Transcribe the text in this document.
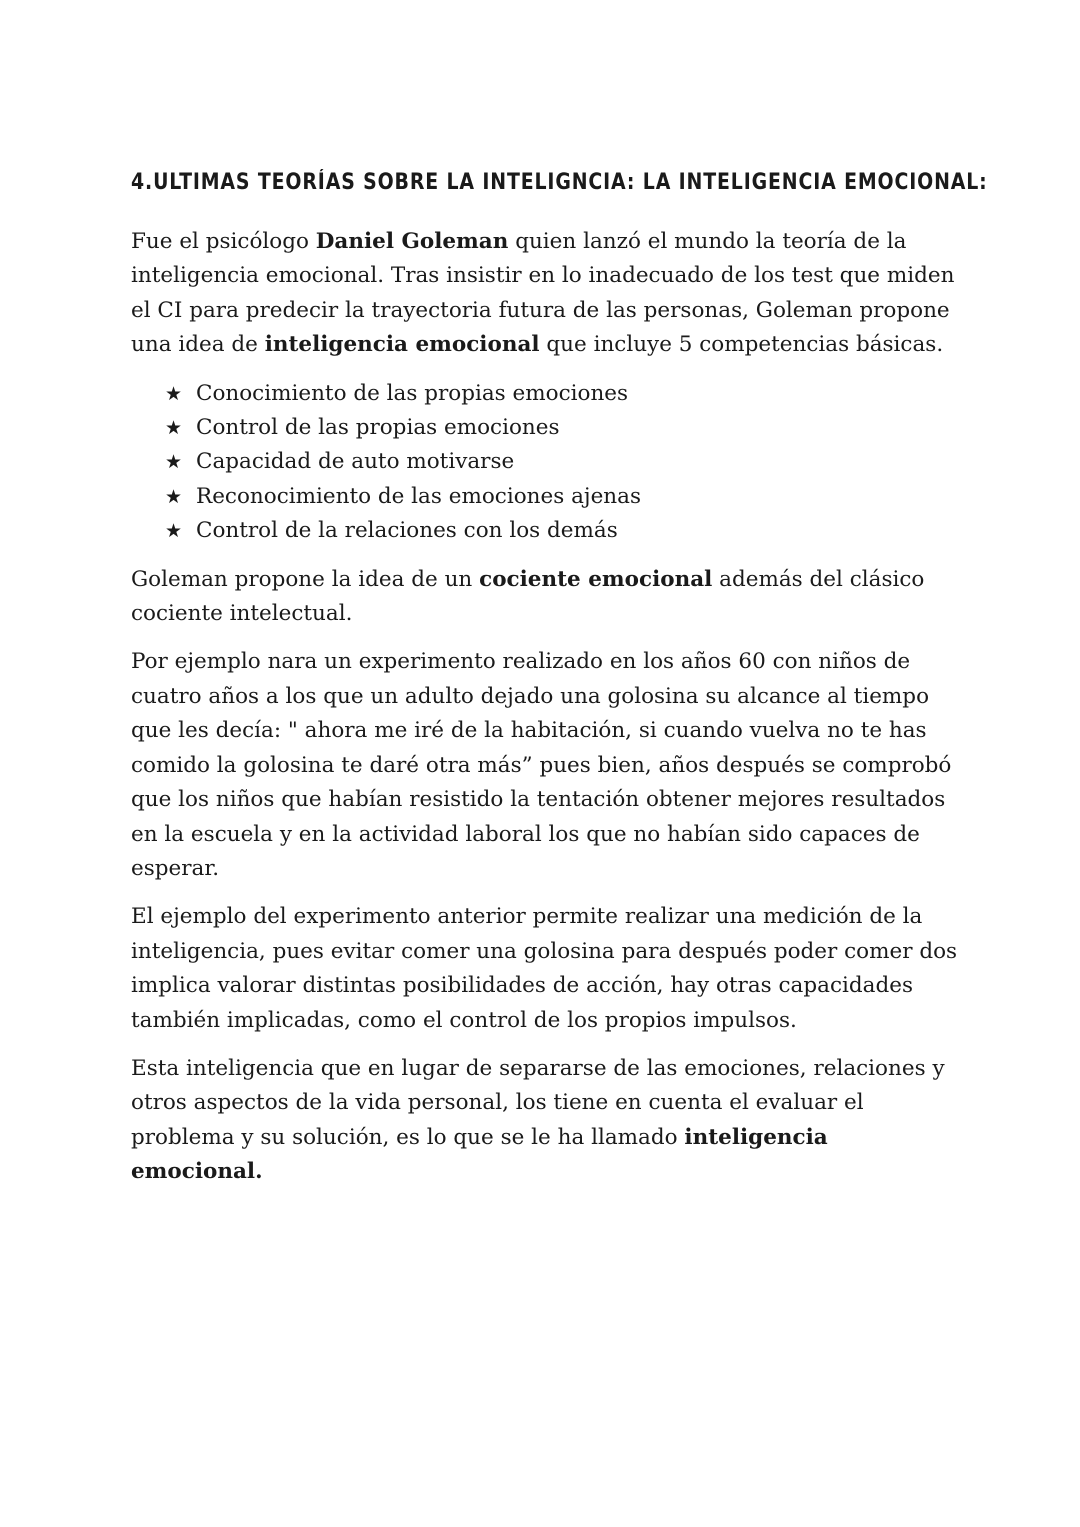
4.ULTIMAS TEORÍAS SOBRE LA INTELIGNCIA: LA INTELIGENCIA EMOCIONAL:

Fue el psicólogo Daniel Goleman quien lanzó el mundo la teoría de la inteligencia emocional. Tras insistir en lo inadecuado de los test que miden el CI para predecir la trayectoria futura de las personas, Goleman propone una idea de inteligencia emocional que incluye 5 competencias básicas.

★ Conocimiento de las propias emociones
★ Control de las propias emociones
★ Capacidad de auto motivarse
★ Reconocimiento de las emociones ajenas
★ Control de la relaciones con los demás

Goleman propone la idea de un cociente emocional además del clásico cociente intelectual.

Por ejemplo nara un experimento realizado en los años 60 con niños de cuatro años a los que un adulto dejado una golosina su alcance al tiempo que les decía: " ahora me iré de la habitación, si cuando vuelva no te has comido la golosina te daré otra más” pues bien, años después se comprobó que los niños que habían resistido la tentación obtener mejores resultados en la escuela y en la actividad laboral los que no habían sido capaces de esperar.

El ejemplo del experimento anterior permite realizar una medición de la inteligencia, pues evitar comer una golosina para después poder comer dos implica valorar distintas posibilidades de acción, hay otras capacidades también implicadas, como el control de los propios impulsos.

Esta inteligencia que en lugar de separarse de las emociones, relaciones y otros aspectos de la vida personal, los tiene en cuenta el evaluar el problema y su solución, es lo que se le ha llamado inteligencia emocional.
